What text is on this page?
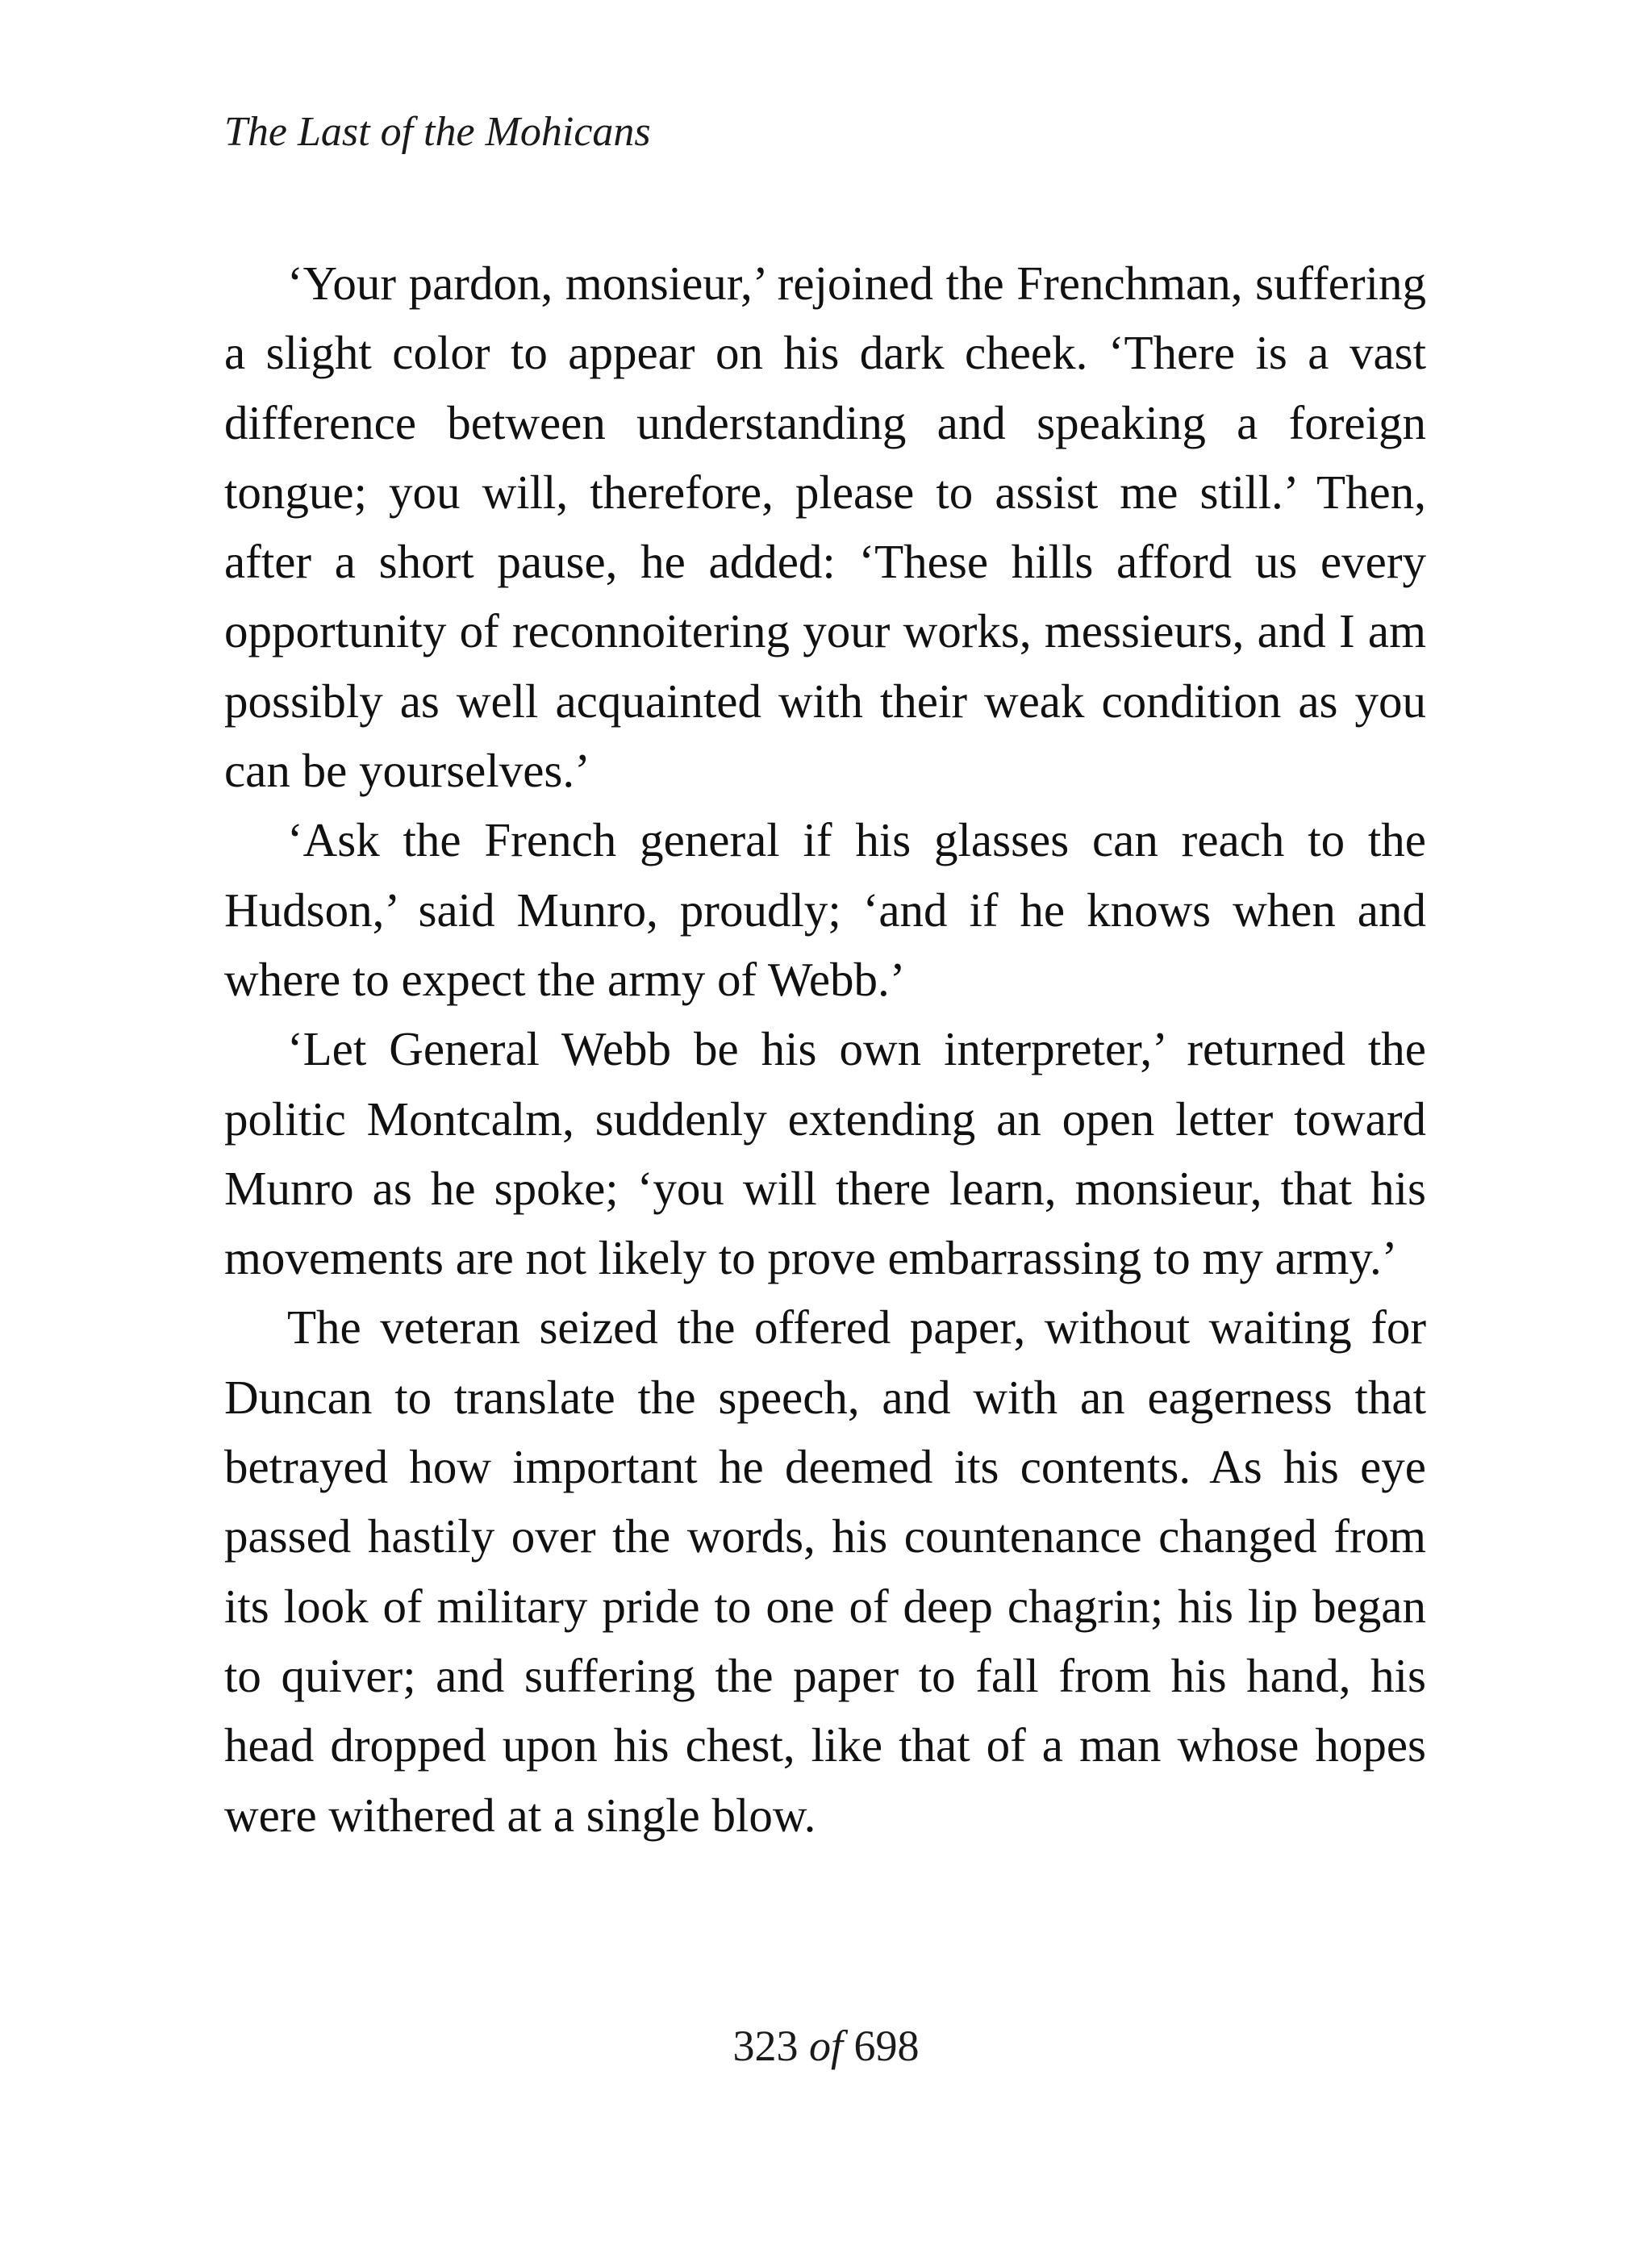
The Last of the Mohicans

‘Your pardon, monsieur,’ rejoined the Frenchman, suffering a slight color to appear on his dark cheek. ‘There is a vast difference between understanding and speaking a foreign tongue; you will, therefore, please to assist me still.’ Then, after a short pause, he added: ‘These hills afford us every opportunity of reconnoitering your works, messieurs, and I am possibly as well acquainted with their weak condition as you can be yourselves.’

‘Ask the French general if his glasses can reach to the Hudson,’ said Munro, proudly; ‘and if he knows when and where to expect the army of Webb.’

‘Let General Webb be his own interpreter,’ returned the politic Montcalm, suddenly extending an open letter toward Munro as he spoke; ‘you will there learn, monsieur, that his movements are not likely to prove embarrassing to my army.’

The veteran seized the offered paper, without waiting for Duncan to translate the speech, and with an eagerness that betrayed how important he deemed its contents. As his eye passed hastily over the words, his countenance changed from its look of military pride to one of deep chagrin; his lip began to quiver; and suffering the paper to fall from his hand, his head dropped upon his chest, like that of a man whose hopes were withered at a single blow.

323 of 698
